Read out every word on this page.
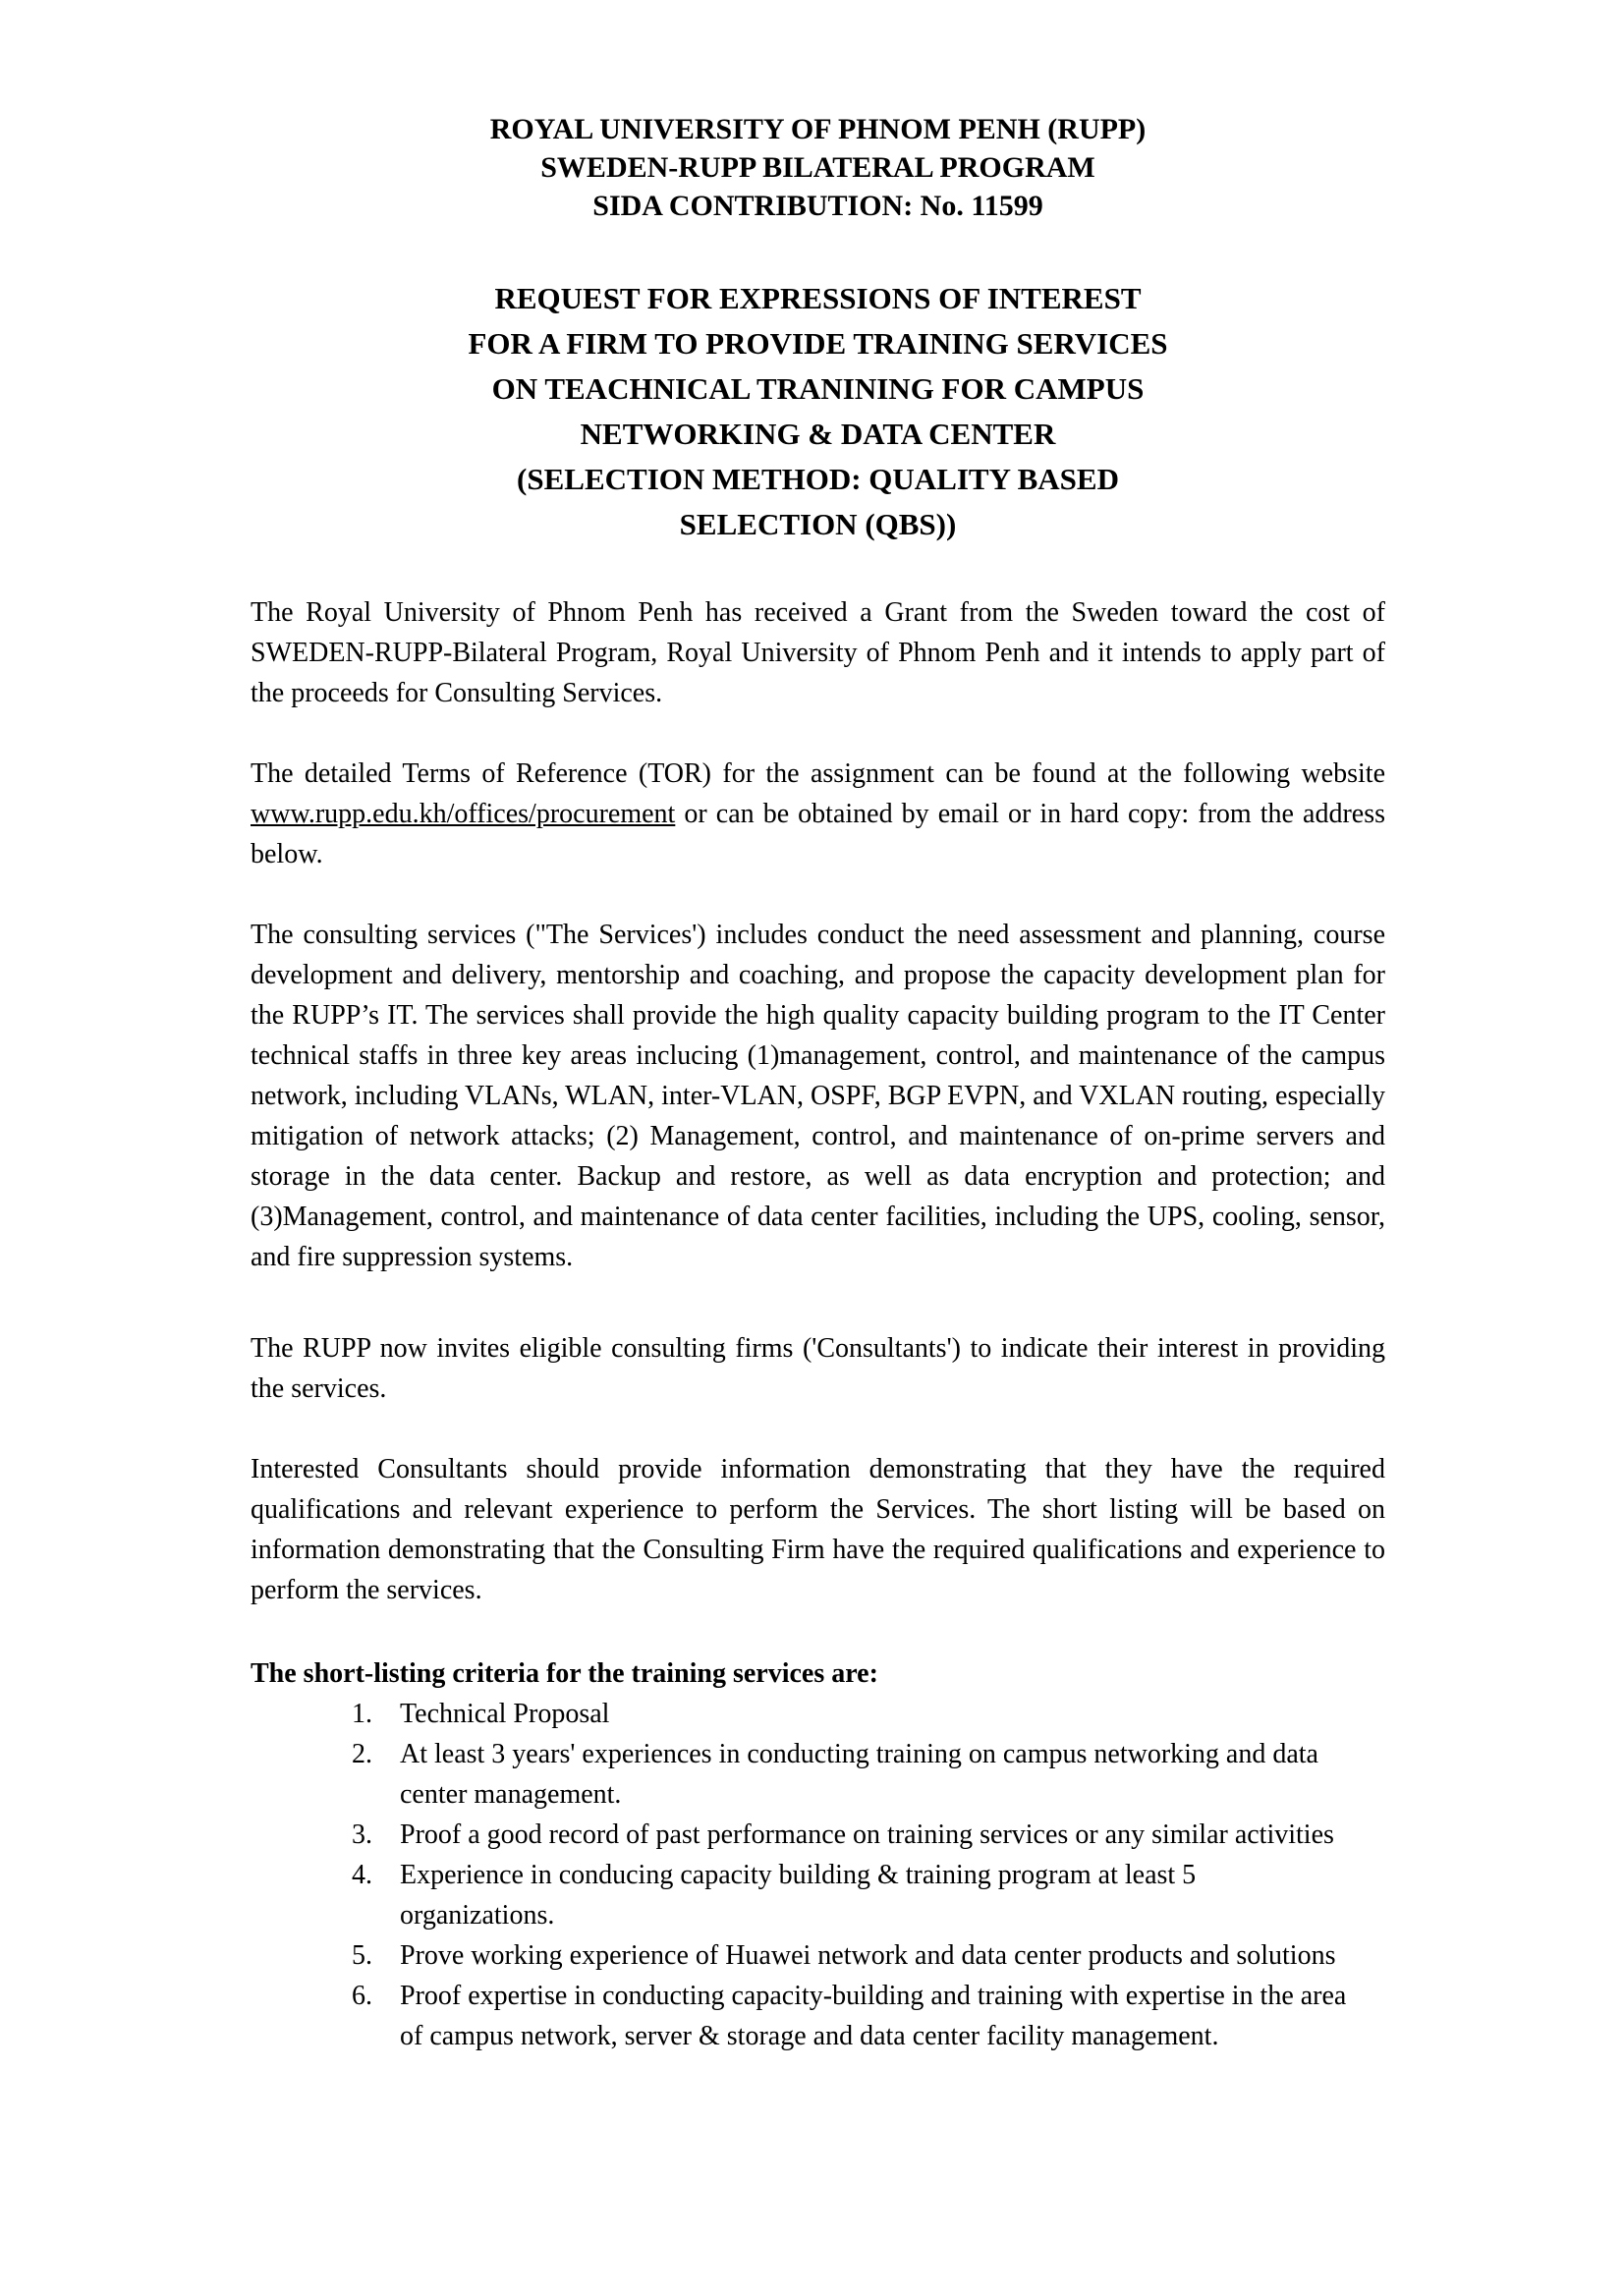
ROYAL UNIVERSITY OF PHNOM PENH (RUPP)
SWEDEN-RUPP BILATERAL PROGRAM
SIDA CONTRIBUTION: No. 11599
REQUEST FOR EXPRESSIONS OF INTEREST
FOR A FIRM TO PROVIDE TRAINING SERVICES
ON TEACHNICAL TRANINING FOR CAMPUS
NETWORKING & DATA CENTER
(SELECTION METHOD: QUALITY BASED
SELECTION (QBS))

The Royal University of Phnom Penh has received a Grant from the Sweden toward the cost of SWEDEN-RUPP-Bilateral Program, Royal University of Phnom Penh and it intends to apply part of the proceeds for Consulting Services.

The detailed Terms of Reference (TOR) for the assignment can be found at the following website www.rupp.edu.kh/offices/procurement or can be obtained by email or in hard copy: from the address below.

The consulting services ("The Services') includes conduct the need assessment and planning, course development and delivery, mentorship and coaching, and propose the capacity development plan for the RUPP’s IT. The services shall provide the high quality capacity building program to the IT Center technical staffs in three key areas inclucing (1)management, control, and maintenance of the campus network, including VLANs, WLAN, inter-VLAN, OSPF, BGP EVPN, and VXLAN routing, especially mitigation of network attacks; (2) Management, control, and maintenance of on-prime servers and storage in the data center. Backup and restore, as well as data encryption and protection; and (3)Management, control, and maintenance of data center facilities, including the UPS, cooling, sensor, and fire suppression systems.

The RUPP now invites eligible consulting firms ('Consultants') to indicate their interest in providing the services.

Interested Consultants should provide information demonstrating that they have the required qualifications and relevant experience to perform the Services. The short listing will be based on information demonstrating that the Consulting Firm have the required qualifications and experience to perform the services.

The short-listing criteria for the training services are:
1.	Technical Proposal
2.	At least 3 years' experiences in conducting training on campus networking and data center management.
3.	Proof a good record of past performance on training services or any similar activities
4.	Experience in conducing capacity building & training program at least 5 organizations.
5.	Prove working experience of Huawei network and data center products and solutions
6.	Proof expertise in conducting capacity-building and training with expertise in the area of campus network, server & storage and data center facility management.
